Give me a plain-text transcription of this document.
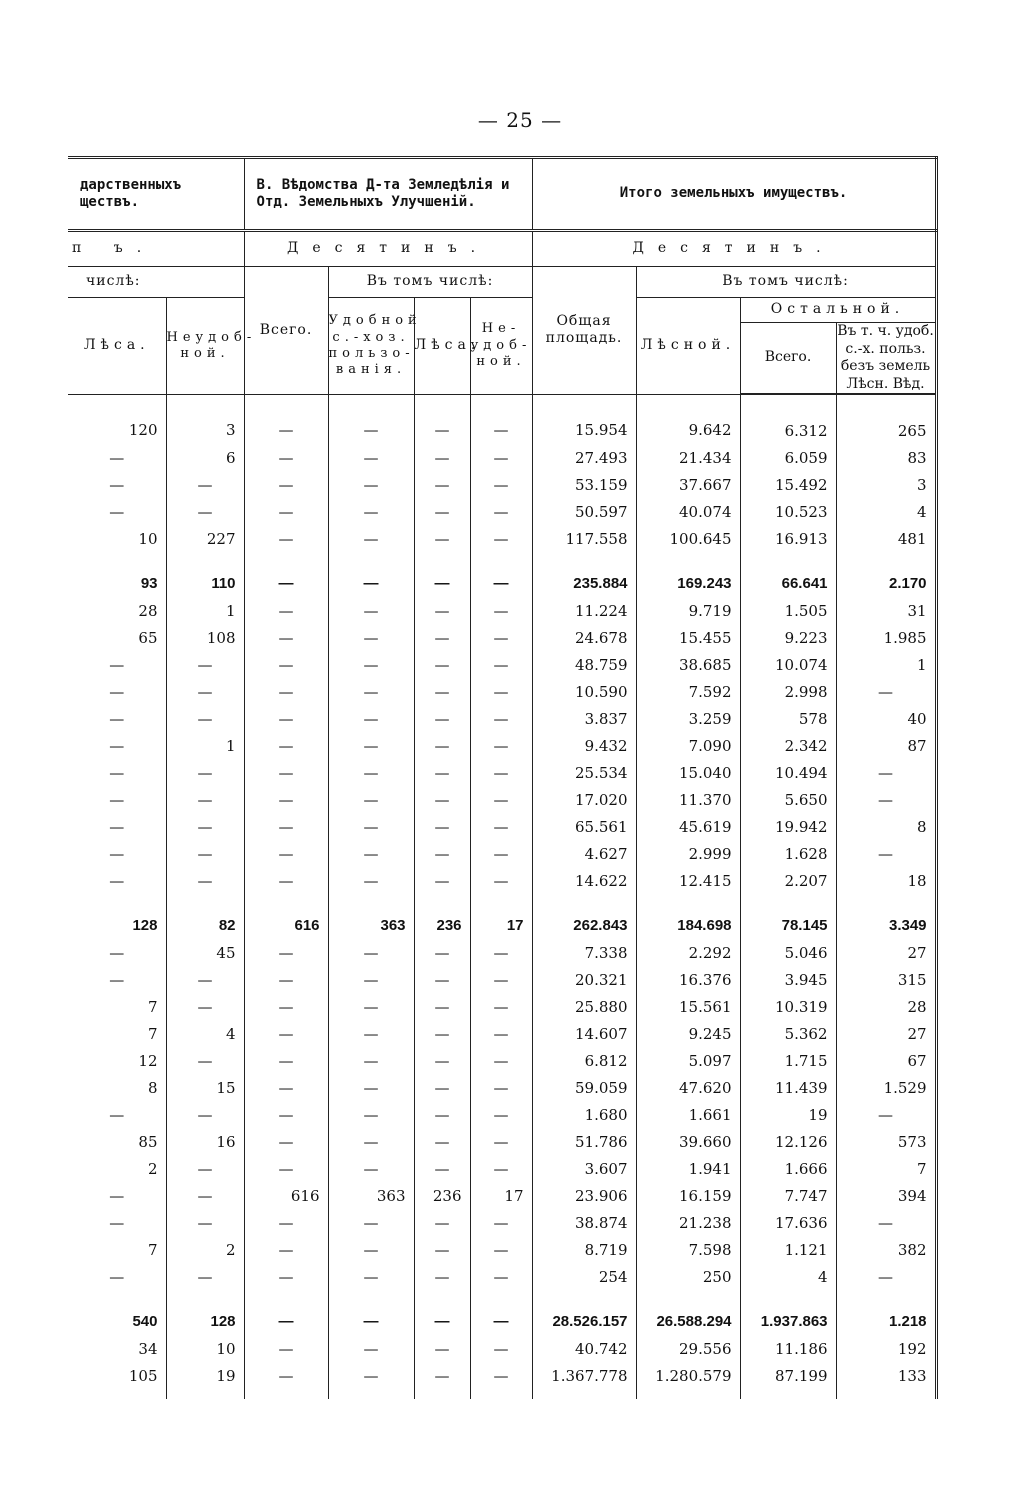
— 25 —
дарственныхъ щеcтвъ.		В. Вѣдомства Д-та Земледѣлія и Отд. Земельныхъ Улучшеній.				Итого земельныхъ имуществъ.			
п ъ.		Десятинъ.				Десятинъ.			
числѣ:		Всего.	Въ томъ числѣ:			Общая площадь.	Въ томъ числѣ:		
Лѣса.	Неудоб-ной.		Удобной с.-хоз. пользо-ванія.	Лѣса.	Не-удоб-ной.		Лѣсной.	Остальной.	
								Всего.	Въ т. ч. удоб. с.-х. польз. безъ земель Лѣсн. Вѣд.
120	3	—	—	—	—	15.954	9.642	6.312	265
—	6	—	—	—	—	27.493	21.434	6.059	83
—	—	—	—	—	—	53.159	37.667	15.492	3
—	—	—	—	—	—	50.597	40.074	10.523	4
10	227	—	—	—	—	117.558	100.645	16.913	481
93	110	—	—	—	—	235.884	169.243	66.641	2.170
28	1	—	—	—	—	11.224	9.719	1.505	31
65	108	—	—	—	—	24.678	15.455	9.223	1.985
—	—	—	—	—	—	48.759	38.685	10.074	1
—	—	—	—	—	—	10.590	7.592	2.998	—
—	—	—	—	—	—	3.837	3.259	578	40
—	1	—	—	—	—	9.432	7.090	2.342	87
—	—	—	—	—	—	25.534	15.040	10.494	—
—	—	—	—	—	—	17.020	11.370	5.650	—
—	—	—	—	—	—	65.561	45.619	19.942	8
—	—	—	—	—	—	4.627	2.999	1.628	—
—	—	—	—	—	—	14.622	12.415	2.207	18
128	82	616	363	236	17	262.843	184.698	78.145	3.349
—	45	—	—	—	—	7.338	2.292	5.046	27
—	—	—	—	—	—	20.321	16.376	3.945	315
7	—	—	—	—	—	25.880	15.561	10.319	28
7	4	—	—	—	—	14.607	9.245	5.362	27
12	—	—	—	—	—	6.812	5.097	1.715	67
8	15	—	—	—	—	59.059	47.620	11.439	1.529
—	—	—	—	—	—	1.680	1.661	19	—
85	16	—	—	—	—	51.786	39.660	12.126	573
2	—	—	—	—	—	3.607	1.941	1.666	7
—	—	616	363	236	17	23.906	16.159	7.747	394
—	—	—	—	—	—	38.874	21.238	17.636	—
7	2	—	—	—	—	8.719	7.598	1.121	382
—	—	—	—	—	—	254	250	4	—
540	128	—	—	—	—	28.526.157	26.588.294	1.937.863	1.218
34	10	—	—	—	—	40.742	29.556	11.186	192
105	19	—	—	—	—	1.367.778	1.280.579	87.199	133
